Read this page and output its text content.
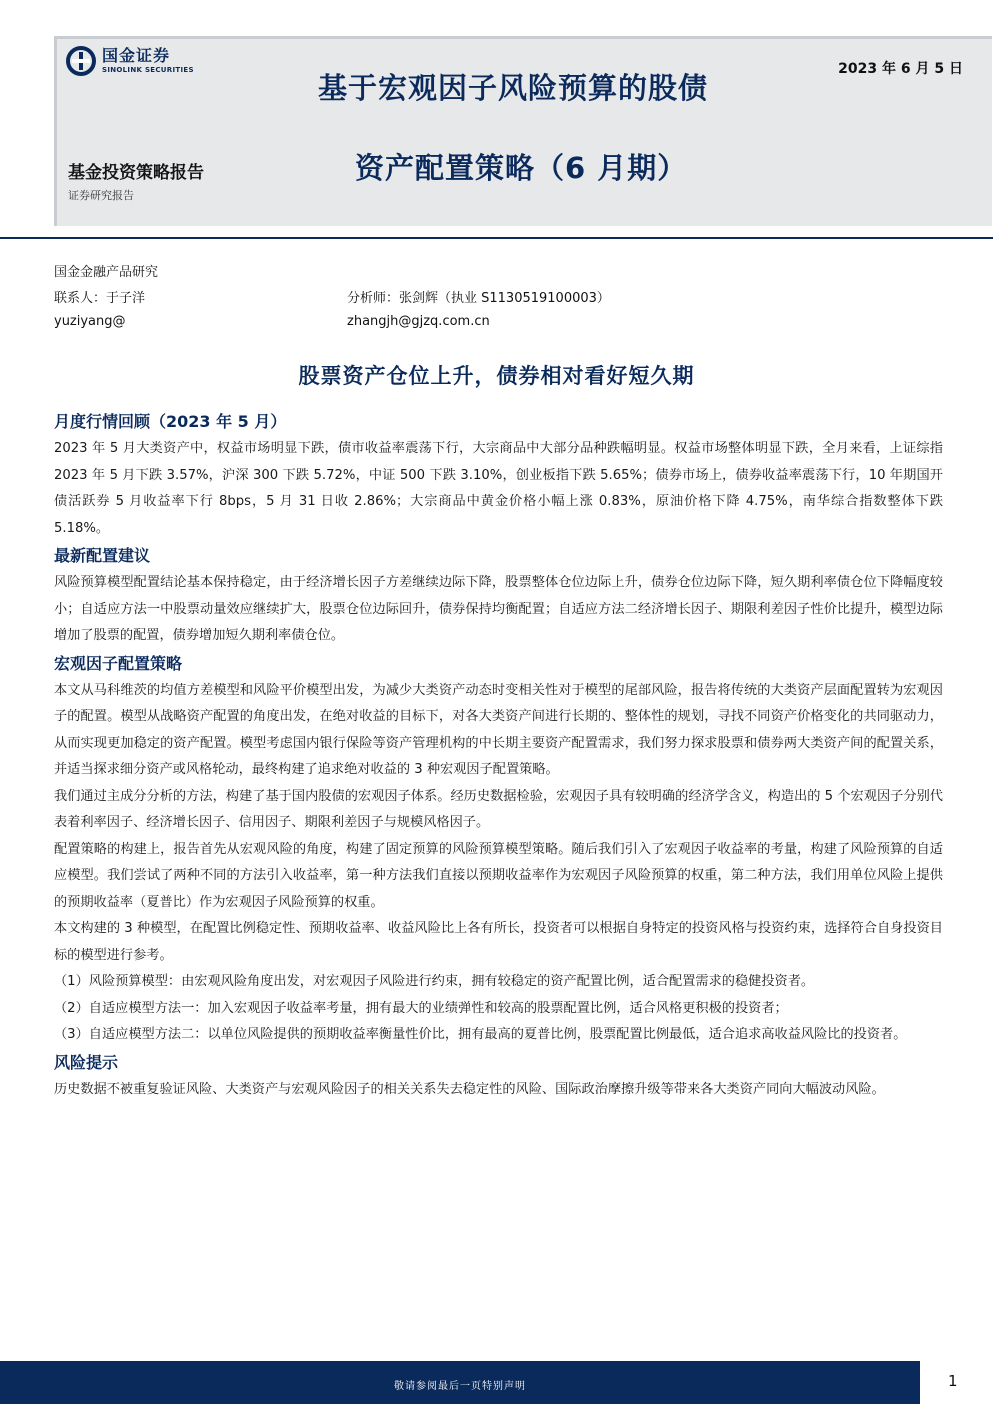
国金证券
SINOLINK SECURITIES	2023 年 6 月 5 日
基于宏观因子风险预算的股债
资产配置策略（6 月期）
基金投资策略报告
证券研究报告
国金金融产品研究
联系人：于子洋
yuziyang@
分析师：张剑辉（执业 S1130519100003）
zhangjh@gjzq.com.cn
股票资产仓位上升，债券相对看好短久期
月度行情回顾（2023 年 5 月）

2023 年 5 月大类资产中，权益市场明显下跌，债市收益率震荡下行，大宗商品中大部分品种跌幅明显。权益市场整体明显下跌，全月来看，上证综指 2023 年 5 月下跌 3.57%，沪深 300 下跌 5.72%，中证 500 下跌 3.10%，创业板指下跌 5.65%；债券市场上，债券收益率震荡下行，10 年期国开债活跃券 5 月收益率下行 8bps，5 月 31 日收 2.86%；大宗商品中黄金价格小幅上涨 0.83%，原油价格下降 4.75%，南华综合指数整体下跌 5.18%。

最新配置建议

风险预算模型配置结论基本保持稳定，由于经济增长因子方差继续边际下降，股票整体仓位边际上升，债券仓位边际下降，短久期利率债仓位下降幅度较小；自适应方法一中股票动量效应继续扩大，股票仓位边际回升，债券保持均衡配置；自适应方法二经济增长因子、期限利差因子性价比提升，模型边际增加了股票的配置，债券增加短久期利率债仓位。

宏观因子配置策略

本文从马科维茨的均值方差模型和风险平价模型出发，为减少大类资产动态时变相关性对于模型的尾部风险，报告将传统的大类资产层面配置转为宏观因子的配置。模型从战略资产配置的角度出发，在绝对收益的目标下，对各大类资产间进行长期的、整体性的规划，寻找不同资产价格变化的共同驱动力，从而实现更加稳定的资产配置。模型考虑国内银行保险等资产管理机构的中长期主要资产配置需求，我们努力探求股票和债券两大类资产间的配置关系，并适当探求细分资产或风格轮动，最终构建了追求绝对收益的 3 种宏观因子配置策略。

我们通过主成分分析的方法，构建了基于国内股债的宏观因子体系。经历史数据检验，宏观因子具有较明确的经济学含义，构造出的 5 个宏观因子分别代表着利率因子、经济增长因子、信用因子、期限利差因子与规模风格因子。

配置策略的构建上，报告首先从宏观风险的角度，构建了固定预算的风险预算模型策略。随后我们引入了宏观因子收益率的考量，构建了风险预算的自适应模型。我们尝试了两种不同的方法引入收益率，第一种方法我们直接以预期收益率作为宏观因子风险预算的权重，第二种方法，我们用单位风险上提供的预期收益率（夏普比）作为宏观因子风险预算的权重。

本文构建的 3 种模型，在配置比例稳定性、预期收益率、收益风险比上各有所长，投资者可以根据自身特定的投资风格与投资约束，选择符合自身投资目标的模型进行参考。

（1）风险预算模型：由宏观风险角度出发，对宏观因子风险进行约束，拥有较稳定的资产配置比例，适合配置需求的稳健投资者。

（2）自适应模型方法一：加入宏观因子收益率考量，拥有最大的业绩弹性和较高的股票配置比例，适合风格更积极的投资者；

（3）自适应模型方法二：以单位风险提供的预期收益率衡量性价比，拥有最高的夏普比例，股票配置比例最低，适合追求高收益风险比的投资者。

风险提示

历史数据不被重复验证风险、大类资产与宏观风险因子的相关关系失去稳定性的风险、国际政治摩擦升级等带来各大类资产同向大幅波动风险。

敬请参阅最后一页特别声明	1
